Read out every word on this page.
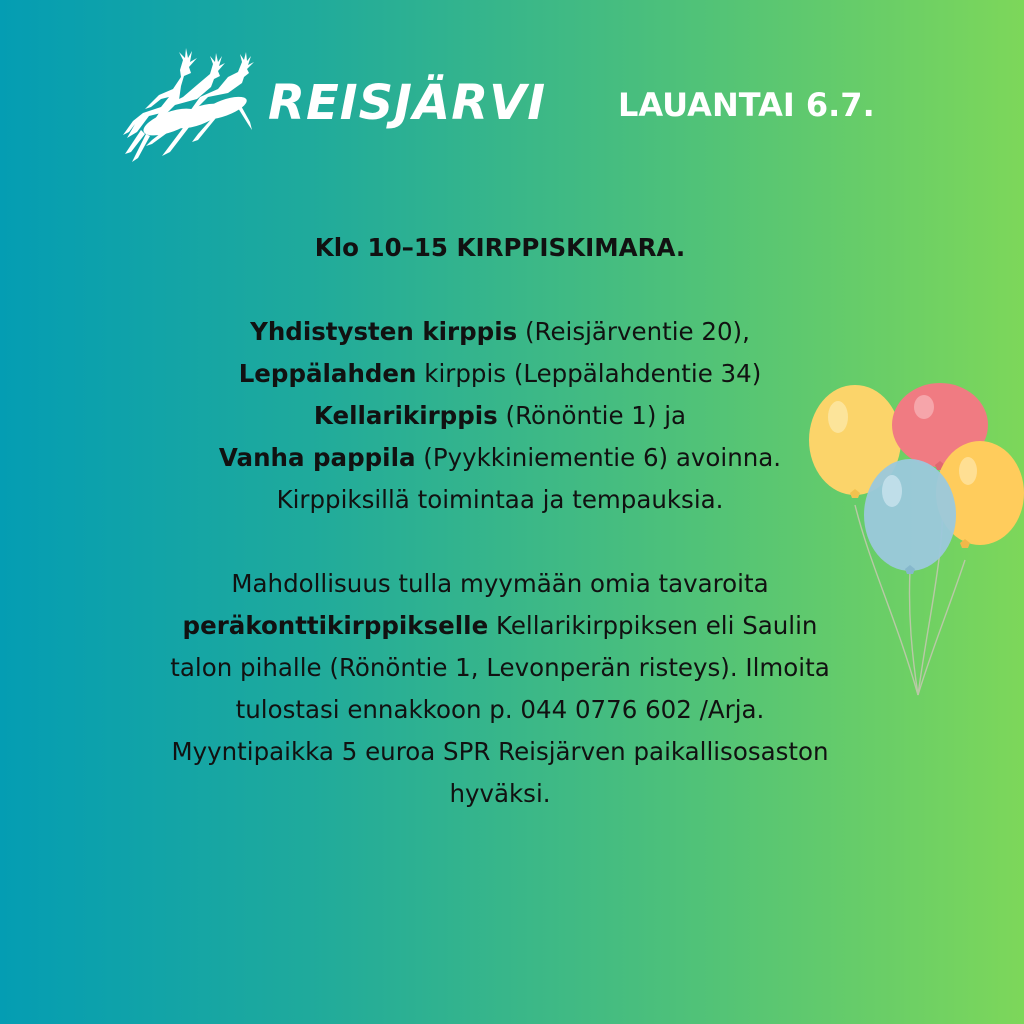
REISJÄRVI LAUANTAI 6.7.

Klo 10–15 KIRPPISKIMARA.

Yhdistysten kirppis (Reisjärventie 20),

Leppälahden kirppis (Leppälahdentie 34)

Kellarikirppis (Rönöntie 1) ja

Vanha pappila (Pyykkiniementie 6) avoinna.

Kirppiksillä toimintaa ja tempauksia.

Mahdollisuus tulla myymään omia tavaroita

peräkonttikirppikselle Kellarikirppiksen eli Saulin

talon pihalle (Rönöntie 1, Levonperän risteys). Ilmoita

tulostasi ennakkoon p. 044 0776 602 /Arja.

Myyntipaikka 5 euroa SPR Reisjärven paikallisosaston

hyväksi.
